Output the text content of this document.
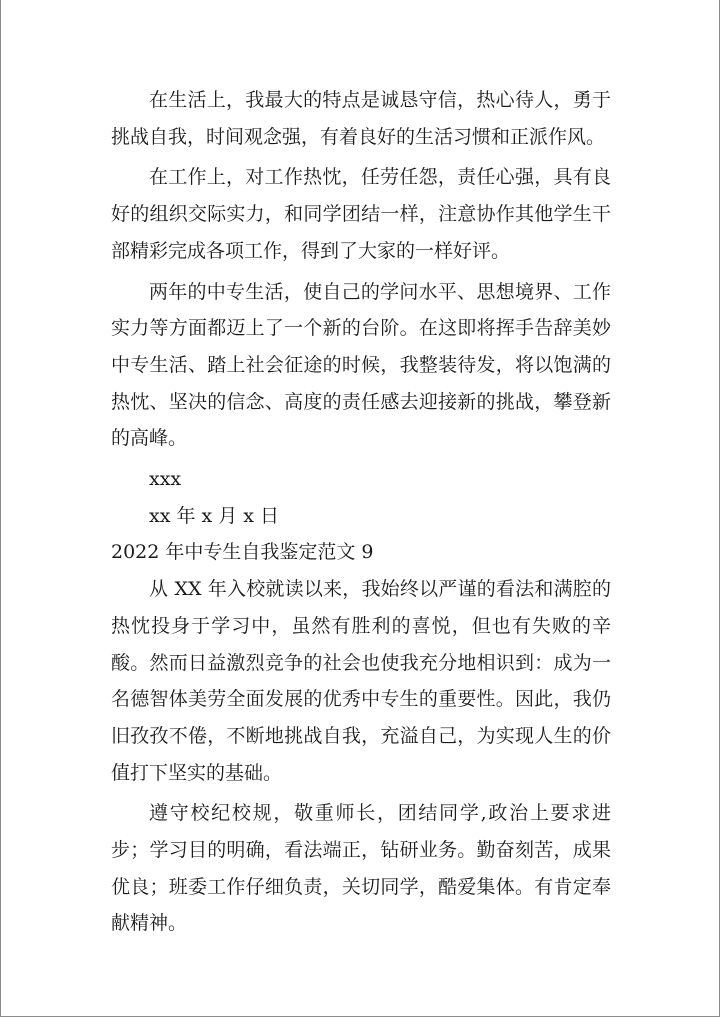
在生活上，我最大的特点是诚恳守信，热心待人，勇于挑战自我，时间观念强，有着良好的生活习惯和正派作风。

在工作上，对工作热忱，任劳任怨，责任心强，具有良好的组织交际实力，和同学团结一样，注意协作其他学生干部精彩完成各项工作，得到了大家的一样好评。

两年的中专生活，使自己的学问水平、思想境界、工作实力等方面都迈上了一个新的台阶。在这即将挥手告辞美妙中专生活、踏上社会征途的时候，我整装待发，将以饱满的热忱、坚决的信念、高度的责任感去迎接新的挑战，攀登新的高峰。

xxx

xx 年 x 月 x 日

2022 年中专生自我鉴定范文 9

从 XX 年入校就读以来，我始终以严谨的看法和满腔的热忱投身于学习中，虽然有胜利的喜悦，但也有失败的辛酸。然而日益激烈竞争的社会也使我充分地相识到：成为一名德智体美劳全面发展的优秀中专生的重要性。因此，我仍旧孜孜不倦，不断地挑战自我，充溢自己，为实现人生的价值打下坚实的基础。

遵守校纪校规，敬重师长，团结同学,政治上要求进步；学习目的明确，看法端正，钻研业务。勤奋刻苦，成果优良；班委工作仔细负责，关切同学，酷爱集体。有肯定奉献精神。
